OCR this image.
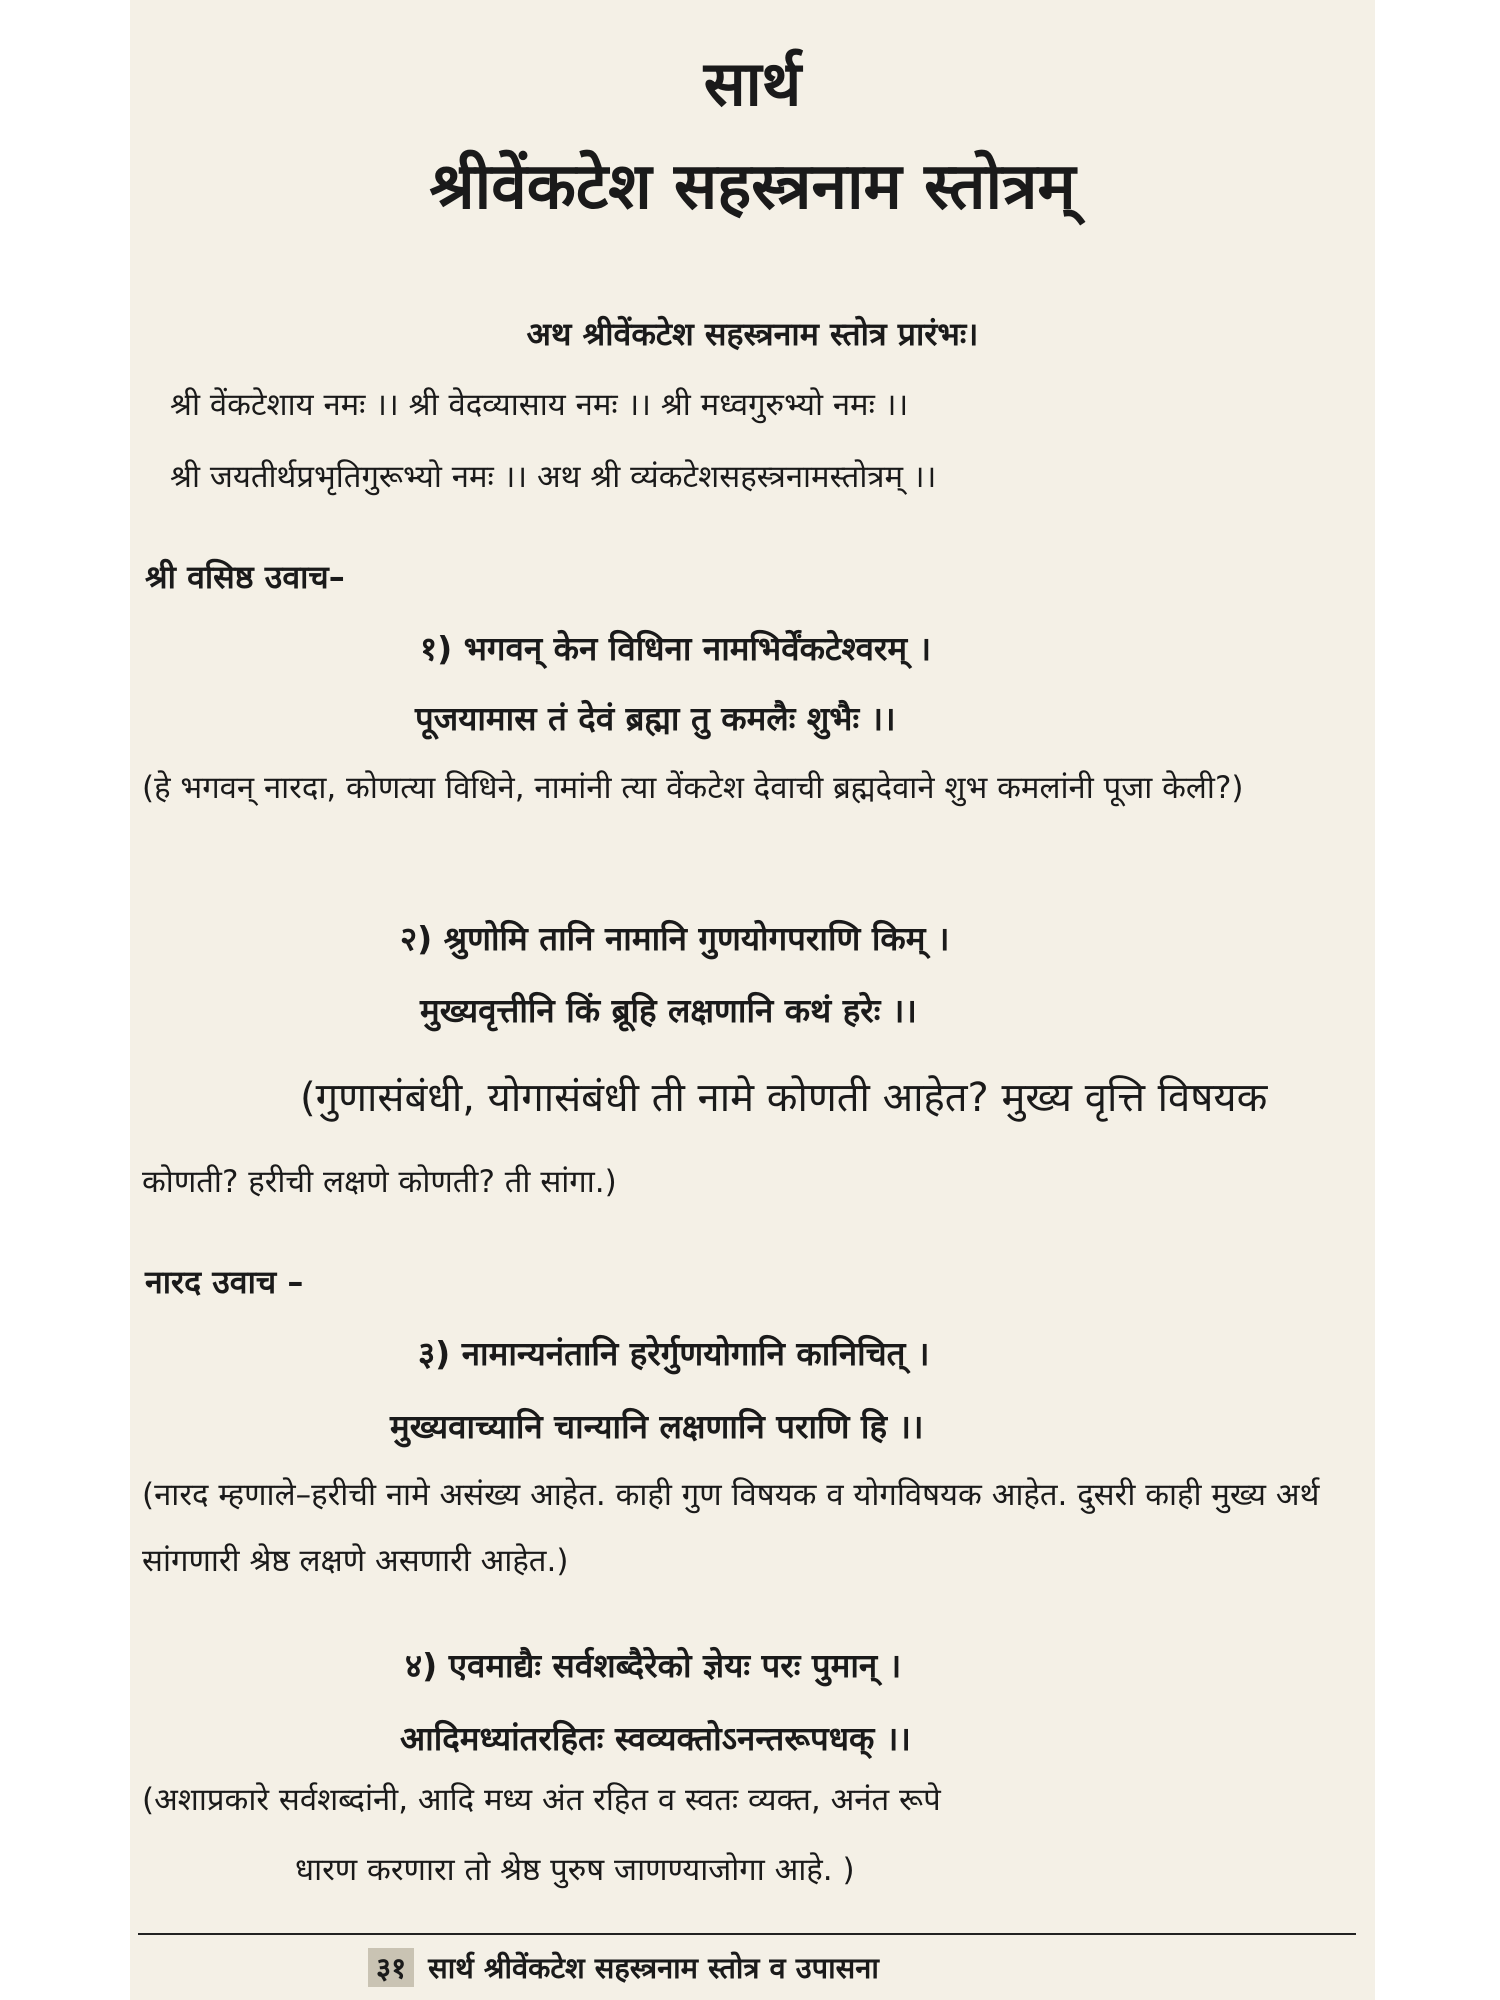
सार्थ
श्रीवेंकटेश सहस्त्रनाम स्तोत्रम्
अथ श्रीवेंकटेश सहस्त्रनाम स्तोत्र प्रारंभः।
श्री वेंकटेशाय नमः ।। श्री वेदव्यासाय नमः ।। श्री मध्वगुरुभ्यो नमः ।।
श्री जयतीर्थप्रभृतिगुरूभ्यो नमः ।। अथ श्री व्यंकटेशसहस्त्रनामस्तोत्रम् ।।
श्री वसिष्ठ उवाच–
१) भगवन् केन विधिना नामभिर्वेंकटेश्वरम् ।
पूजयामास तं देवं ब्रह्मा तु कमलैः शुभैः ।।
(हे भगवन् नारदा, कोणत्या विधिने, नामांनी त्या वेंकटेश देवाची ब्रह्मदेवाने शुभ कमलांनी पूजा केली?)
२) श्रुणोमि तानि नामानि गुणयोगपराणि किम् ।
मुख्यवृत्तीनि किं ब्रूहि लक्षणानि कथं हरेः ।।
(गुणासंबंधी, योगासंबंधी ती नामे कोणती आहेत? मुख्य वृत्ति विषयक
कोणती? हरीची लक्षणे कोणती? ती सांगा.)
नारद उवाच –
३) नामान्यनंतानि हरेर्गुणयोगानि कानिचित् ।
मुख्यवाच्यानि चान्यानि लक्षणानि पराणि हि ।।
(नारद म्हणाले–हरीची नामे असंख्य आहेत. काही गुण विषयक व योगविषयक आहेत. दुसरी काही मुख्य अर्थ सांगणारी श्रेष्ठ लक्षणे असणारी आहेत.)
४) एवमाद्यैः सर्वशब्दैरेको ज्ञेयः परः पुमान् ।
आदिमध्यांतरहितः स्वव्यक्तोऽनन्तरूपधक् ।।
(अशाप्रकारे सर्वशब्दांनी, आदि मध्य अंत रहित व स्वतः व्यक्त, अनंत रूपे
धारण करणारा तो श्रेष्ठ पुरुष जाणण्याजोगा आहे. )
३१ सार्थ श्रीवेंकटेश सहस्त्रनाम स्तोत्र व उपासना
